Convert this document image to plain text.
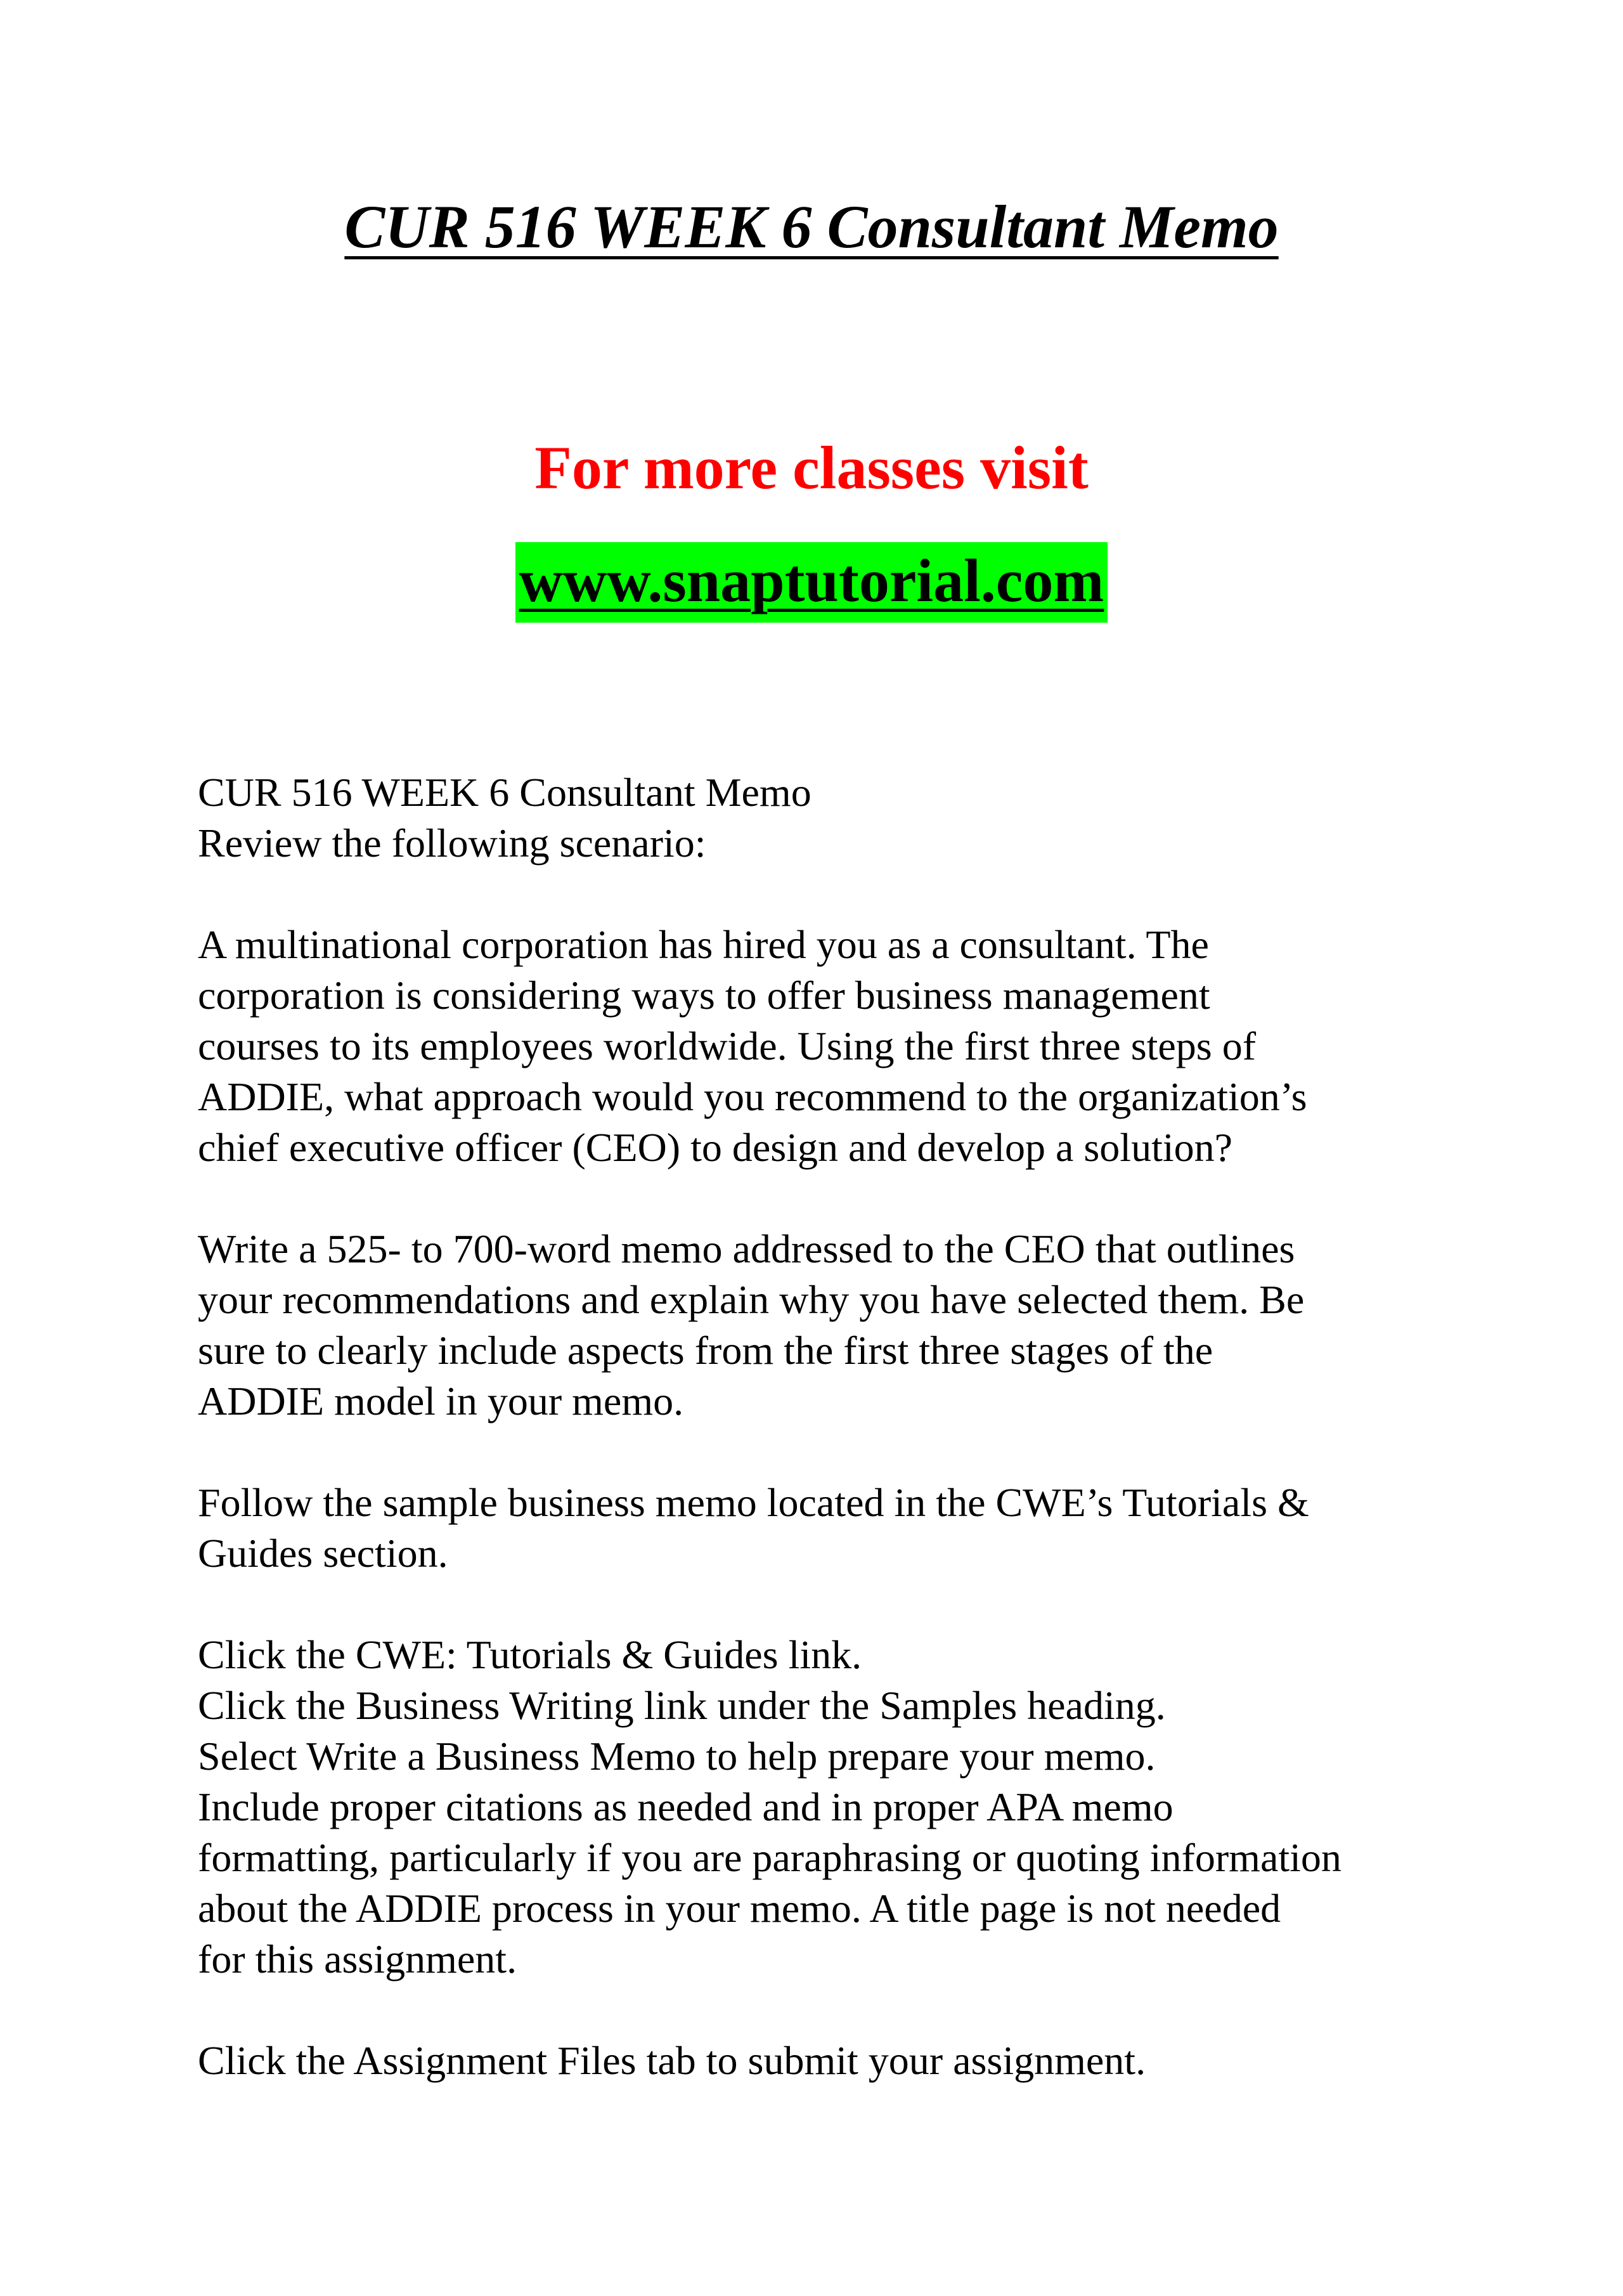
CUR 516 WEEK 6 Consultant Memo
For more classes visit
www.snaptutorial.com
CUR 516 WEEK 6 Consultant Memo
Review the following scenario:
A multinational corporation has hired you as a consultant. The
corporation is considering ways to offer business management
courses to its employees worldwide. Using the first three steps of
ADDIE, what approach would you recommend to the organization’s
chief executive officer (CEO) to design and develop a solution?
Write a 525- to 700-word memo addressed to the CEO that outlines
your recommendations and explain why you have selected them. Be
sure to clearly include aspects from the first three stages of the
ADDIE model in your memo.
Follow the sample business memo located in the CWE’s Tutorials &
Guides section.
Click the CWE: Tutorials & Guides link.
Click the Business Writing link under the Samples heading.
Select Write a Business Memo to help prepare your memo.
Include proper citations as needed and in proper APA memo
formatting, particularly if you are paraphrasing or quoting information
about the ADDIE process in your memo. A title page is not needed
for this assignment.
Click the Assignment Files tab to submit your assignment.
